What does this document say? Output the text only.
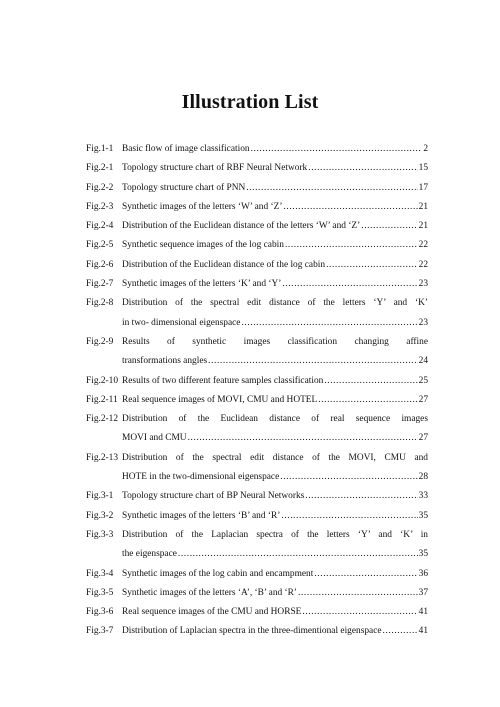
Illustration List
Fig.1-1 Basic flow of image classification .....	2
Fig.2-1 Topology structure chart of RBF Neural Network .....	15
Fig.2-2 Topology structure chart of PNN .....	17
Fig.2-3 Synthetic images of the letters ‘W’ and ‘Z’ .....	21
Fig.2-4 Distribution of the Euclidean distance of the letters ‘W’ and ‘Z’ .....	21
Fig.2-5 Synthetic sequence images of the log cabin .....	22
Fig.2-6 Distribution of the Euclidean distance of the log cabin .....	22
Fig.2-7 Synthetic images of the letters ‘K’ and ‘Y’ .....	23
Fig.2-8 Distribution of the spectral edit distance of the letters ‘Y’ and ‘K’
in two- dimensional eigenspace .....	23
Fig.2-9 Results of synthetic images classification changing affine
transformations angles .....	24
Fig.2-10 Results of two different feature samples classification .....	25
Fig.2-11 Real sequence images of MOVI, CMU and HOTEL .....	27
Fig.2-12 Distribution of the Euclidean distance of real sequence images
MOVI and CMU .....	27
Fig.2-13 Distribution of the spectral edit distance of the MOVI, CMU and
HOTE in the two-dimensional eigenspace .....	28
Fig.3-1 Topology structure chart of BP Neural Networks .....	33
Fig.3-2 Synthetic images of the letters ‘B’ and ‘R’ .....	35
Fig.3-3 Distribution of the Laplacian spectra of the letters ‘Y’ and ‘K’ in
the eigenspace .....	35
Fig.3-4 Synthetic images of the log cabin and encampment .....	36
Fig.3-5 Synthetic images of the letters ‘A’, ‘B’ and ‘R’ .....	37
Fig.3-6 Real sequence images of the CMU and HORSE .....	41
Fig.3-7 Distribution of Laplacian spectra in the three-dimentional eigenspace .....	41
